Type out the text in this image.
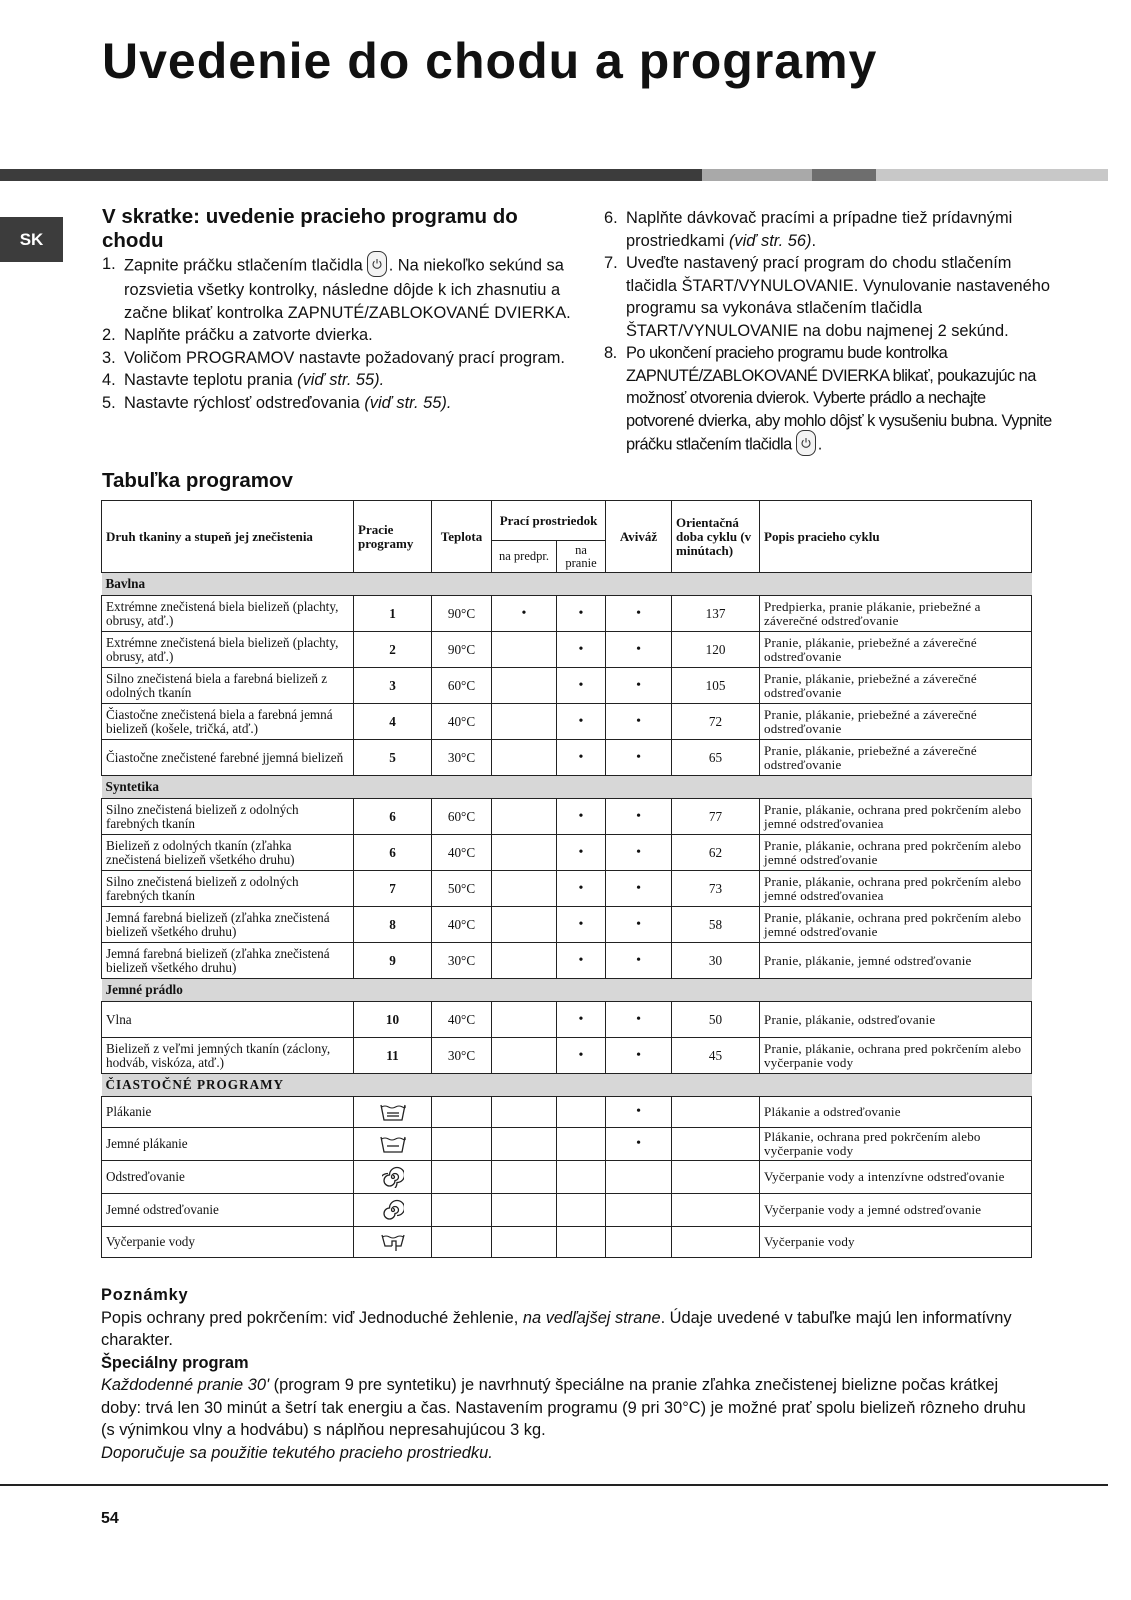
Uvedenie do chodu a programy
SK
V skratke: uvedenie pracieho programu do chodu
1. Zapnite práčku stlačením tlačidla . Na niekoľko sekúnd sa rozsvietia všetky kontrolky, následne dôjde k ich zhasnutiu a začne blikať kontrolka ZAPNUTÉ/ZABLOKOVANÉ DVIERKA.
2. Naplňte práčku a zatvorte dvierka.
3. Voličom PROGRAMOV nastavte požadovaný prací program.
4. Nastavte teplotu prania (viď str. 55).
5. Nastavte rýchlosť odstreďovania (viď str. 55).
6. Naplňte dávkovač pracími a prípadne tiež prídavnými prostriedkami (viď str. 56).
7. Uveďte nastavený prací program do chodu stlačením tlačidla ŠTART/VYNULOVANIE. Vynulovanie nastaveného programu sa vykonáva stlačením tlačidla ŠTART/VYNULOVANIE na dobu najmenej 2 sekúnd.
8. Po ukončení pracieho programu bude kontrolka ZAPNUTÉ/ZABLOKOVANÉ DVIERKA blikať, poukazujúc na možnosť otvorenia dvierok. Vyberte prádlo a nechajte potvorené dvierka, aby mohlo dôjsť k vysušeniu bubna. Vypnite práčku stlačením tlačidla .
Tabuľka programov
Druh tkaniny a stupeň jej znečistenia	Pracie programy	Teplota	Prací prostriedok		Aviváž	Orientačná doba cyklu (v minútach)	Popis pracieho cyklu
			na predpr.	na pranie			
Bavlna							
Extrémne znečistená biela bielizeň (plachty, obrusy, atď.)	1	90°C	•	•	•	137	Predpierka, pranie plákanie, priebežné a záverečné odstreďovanie
Extrémne znečistená biela bielizeň (plachty, obrusy, atď.)	2	90°C		•	•	120	Pranie, plákanie, priebežné a záverečné odstreďovanie
Silno znečistená biela a farebná bielizeň z odolných tkanín	3	60°C		•	•	105	Pranie, plákanie, priebežné a záverečné odstreďovanie
Čiastočne znečistená biela a farebná jemná bielizeň (košele, tričká, atď.)	4	40°C		•	•	72	Pranie, plákanie, priebežné a záverečné odstreďovanie
Čiastočne znečistené farebné jjemná bielizeň	5	30°C		•	•	65	Pranie, plákanie, priebežné a záverečné odstreďovanie
Syntetika							
Silno znečistená bielizeň z odolných farebných tkanín	6	60°C		•	•	77	Pranie, plákanie, ochrana pred pokrčením alebo jemné odstreďovaniea
Bielizeň z odolných tkanín (zľahka znečistená bielizeň všetkého druhu)	6	40°C		•	•	62	Pranie, plákanie, ochrana pred pokrčením alebo jemné odstreďovanie
Silno znečistená bielizeň z odolných farebných tkanín	7	50°C		•	•	73	Pranie, plákanie, ochrana pred pokrčením alebo jemné odstreďovaniea
Jemná farebná bielizeň (zľahka znečistená bielizeň všetkého druhu)	8	40°C		•	•	58	Pranie, plákanie, ochrana pred pokrčením alebo jemné odstreďovanie
Jemná farebná bielizeň (zľahka znečistená bielizeň všetkého druhu)	9	30°C		•	•	30	Pranie, plákanie, jemné odstreďovanie
Jemné prádlo							
Vlna	10	40°C		•	•	50	Pranie, plákanie, odstreďovanie
Bielizeň z veľmi jemných tkanín (záclony, hodváb, viskóza, atď.)	11	30°C		•	•	45	Pranie, plákanie, ochrana pred pokrčením alebo vyčerpanie vody
ČIASTOČNÉ PROGRAMY							
Plákanie					•		Plákanie a odstreďovanie
Jemné plákanie					•		Plákanie, ochrana pred pokrčením alebo vyčerpanie vody
Odstreďovanie							Vyčerpanie vody a intenzívne odstreďovanie
Jemné odstreďovanie							Vyčerpanie vody a jemné odstreďovanie
Vyčerpanie vody							Vyčerpanie vody

Poznámky

Popis ochrany pred pokrčením: viď Jednoduché žehlenie, na vedľajšej strane. Údaje uvedené v tabuľke majú len informatívny charakter.

Špeciálny program

Každodenné pranie 30' (program 9 pre syntetiku) je navrhnutý špeciálne na pranie zľahka znečistenej bielizne počas krátkej doby: trvá len 30 minút a šetrí tak energiu a čas. Nastavením programu (9 pri 30°C) je možné prať spolu bielizeň rôzneho druhu (s výnimkou vlny a hodvábu) s náplňou nepresahujúcou 3 kg.

Doporučuje sa použitie tekutého pracieho prostriedku.

54
